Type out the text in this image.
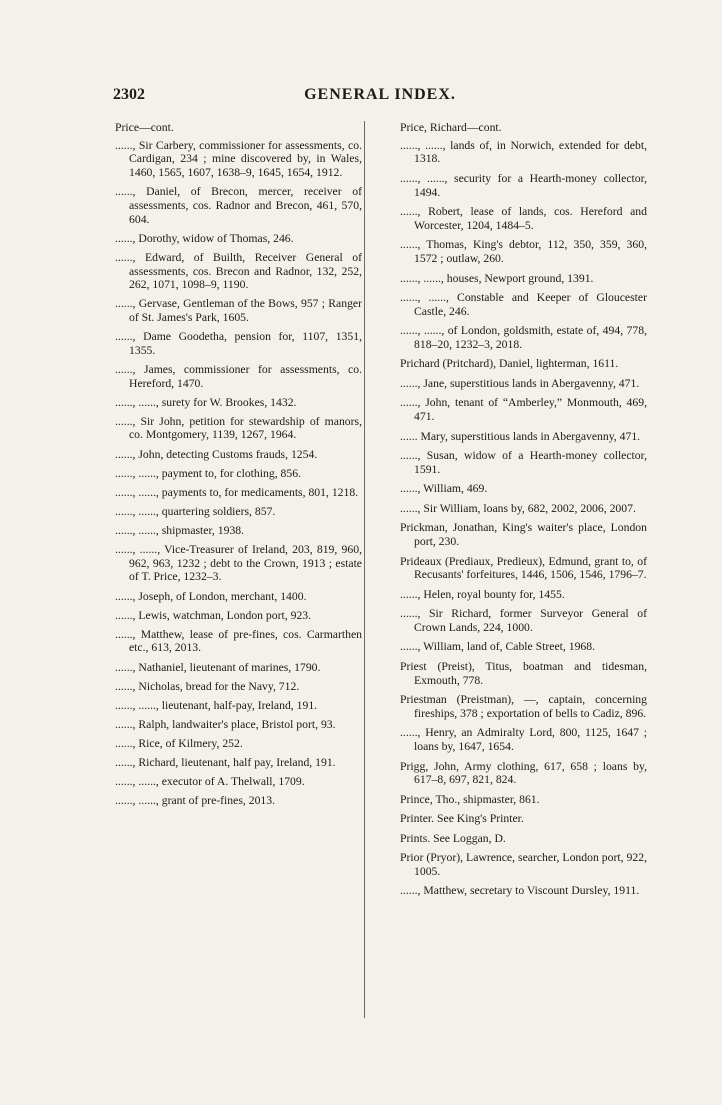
2302	GENERAL INDEX.
Price—cont.
......, Sir Carbery, commissioner for assessments, co. Cardigan, 234 ; mine discovered by, in Wales, 1460, 1565, 1607, 1638–9, 1645, 1654, 1912.
......, Daniel, of Brecon, mercer, receiver of assessments, cos. Radnor and Brecon, 461, 570, 604.
......, Dorothy, widow of Thomas, 246.
......, Edward, of Builth, Receiver General of assessments, cos. Brecon and Radnor, 132, 252, 262, 1071, 1098–9, 1190.
......, Gervase, Gentleman of the Bows, 957 ; Ranger of St. James's Park, 1605.
......, Dame Goodetha, pension for, 1107, 1351, 1355.
......, James, commissioner for assessments, co. Hereford, 1470.
......, ......, surety for W. Brookes, 1432.
......, Sir John, petition for stewardship of manors, co. Montgomery, 1139, 1267, 1964.
......, John, detecting Customs frauds, 1254.
......, ......, payment to, for clothing, 856.
......, ......, payments to, for medicaments, 801, 1218.
......, ......, quartering soldiers, 857.
......, ......, shipmaster, 1938.
......, ......, Vice-Treasurer of Ireland, 203, 819, 960, 962, 963, 1232 ; debt to the Crown, 1913 ; estate of T. Price, 1232–3.
......, Joseph, of London, merchant, 1400.
......, Lewis, watchman, London port, 923.
......, Matthew, lease of pre-fines, cos. Carmarthen etc., 613, 2013.
......, Nathaniel, lieutenant of marines, 1790.
......, Nicholas, bread for the Navy, 712.
......, ......, lieutenant, half-pay, Ireland, 191.
......, Ralph, landwaiter's place, Bristol port, 93.
......, Rice, of Kilmery, 252.
......, Richard, lieutenant, half pay, Ireland, 191.
......, ......, executor of A. Thelwall, 1709.
......, ......, grant of pre-fines, 2013.
Price, Richard—cont.
......, ......, lands of, in Norwich, extended for debt, 1318.
......, ......, security for a Hearth-money collector, 1494.
......, Robert, lease of lands, cos. Hereford and Worcester, 1204, 1484–5.
......, Thomas, King's debtor, 112, 350, 359, 360, 1572 ; outlaw, 260.
......, ......, houses, Newport ground, 1391.
......, ......, Constable and Keeper of Gloucester Castle, 246.
......, ......, of London, goldsmith, estate of, 494, 778, 818–20, 1232–3, 2018.
Prichard (Pritchard), Daniel, lighterman, 1611.
......, Jane, superstitious lands in Abergavenny, 471.
......, John, tenant of “Amberley,” Monmouth, 469, 471.
...... Mary, superstitious lands in Abergavenny, 471.
......, Susan, widow of a Hearth-money collector, 1591.
......, William, 469.
......, Sir William, loans by, 682, 2002, 2006, 2007.
Prickman, Jonathan, King's waiter's place, London port, 230.
Prideaux (Prediaux, Predieux), Edmund, grant to, of Recusants' forfeitures, 1446, 1506, 1546, 1796–7.
......, Helen, royal bounty for, 1455.
......, Sir Richard, former Surveyor General of Crown Lands, 224, 1000.
......, William, land of, Cable Street, 1968.
Priest (Preist), Titus, boatman and tidesman, Exmouth, 778.
Priestman (Preistman), —, captain, concerning fireships, 378 ; exportation of bells to Cadiz, 896.
......, Henry, an Admiralty Lord, 800, 1125, 1647 ; loans by, 1647, 1654.
Prigg, John, Army clothing, 617, 658 ; loans by, 617–8, 697, 821, 824.
Prince, Tho., shipmaster, 861.
Printer. See King's Printer.
Prints. See Loggan, D.
Prior (Pryor), Lawrence, searcher, London port, 922, 1005.
......, Matthew, secretary to Viscount Dursley, 1911.
